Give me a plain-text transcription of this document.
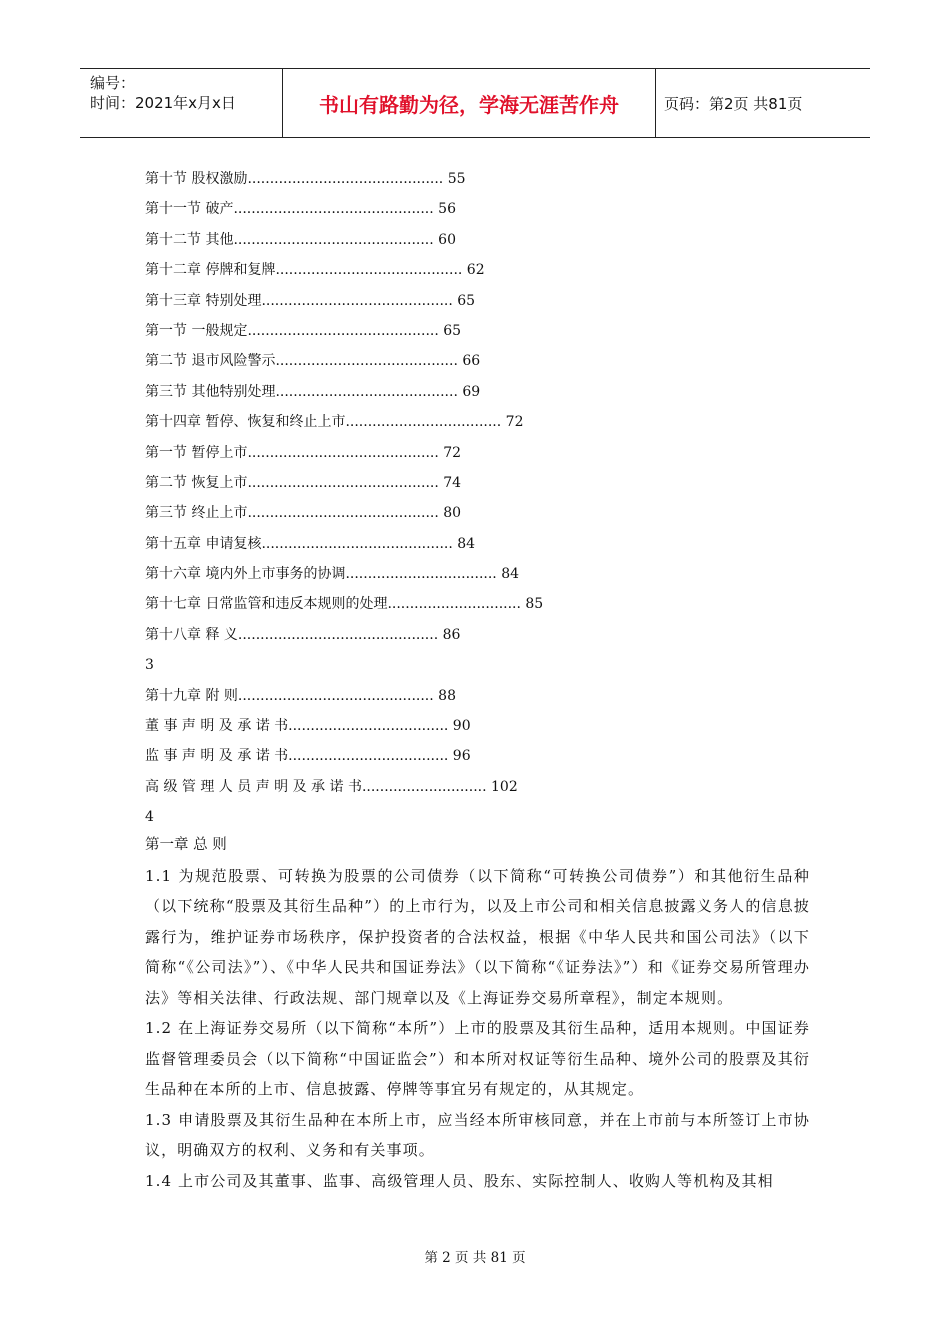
编号：
时间：2021年x月x日	书山有路勤为径，学海无涯苦作舟	页码：第2页 共81页
第十节 股权激励............................................ 55
第十一节 破产............................................. 56
第十二节 其他............................................. 60
第十二章 停牌和复牌.......................................... 62
第十三章 特别处理........................................... 65
第一节 一般规定........................................... 65
第二节 退市风险警示......................................... 66
第三节 其他特别处理......................................... 69
第十四章 暂停、恢复和终止上市................................... 72
第一节 暂停上市........................................... 72
第二节 恢复上市........................................... 74
第三节 终止上市........................................... 80
第十五章 申请复核........................................... 84
第十六章 境内外上市事务的协调.................................. 84
第十七章 日常监管和违反本规则的处理.............................. 85
第十八章 释 义............................................. 86
3
第十九章 附 则............................................ 88
董 事 声 明 及 承 诺 书.................................... 90
监 事 声 明 及 承 诺 书.................................... 96
高 级 管 理 人 员 声 明 及 承 诺 书............................ 102
4
第一章 总 则

1.1 为规范股票、可转换为股票的公司债券（以下简称“可转换公司债券”）和其他衍生品种（以下统称“股票及其衍生品种”）的上市行为，以及上市公司和相关信息披露义务人的信息披露行为，维护证券市场秩序，保护投资者的合法权益，根据《中华人民共和国公司法》（以下简称“《公司法》”）、《中华人民共和国证券法》（以下简称“《证券法》”）和《证券交易所管理办法》等相关法律、行政法规、部门规章以及《上海证券交易所章程》，制定本规则。

1.2 在上海证券交易所（以下简称“本所”）上市的股票及其衍生品种，适用本规则。中国证券监督管理委员会（以下简称“中国证监会”）和本所对权证等衍生品种、境外公司的股票及其衍生品种在本所的上市、信息披露、停牌等事宜另有规定的，从其规定。

1.3 申请股票及其衍生品种在本所上市，应当经本所审核同意，并在上市前与本所签订上市协议，明确双方的权利、义务和有关事项。

1.4 上市公司及其董事、监事、高级管理人员、股东、实际控制人、收购人等机构及其相

第 2 页 共 81 页
